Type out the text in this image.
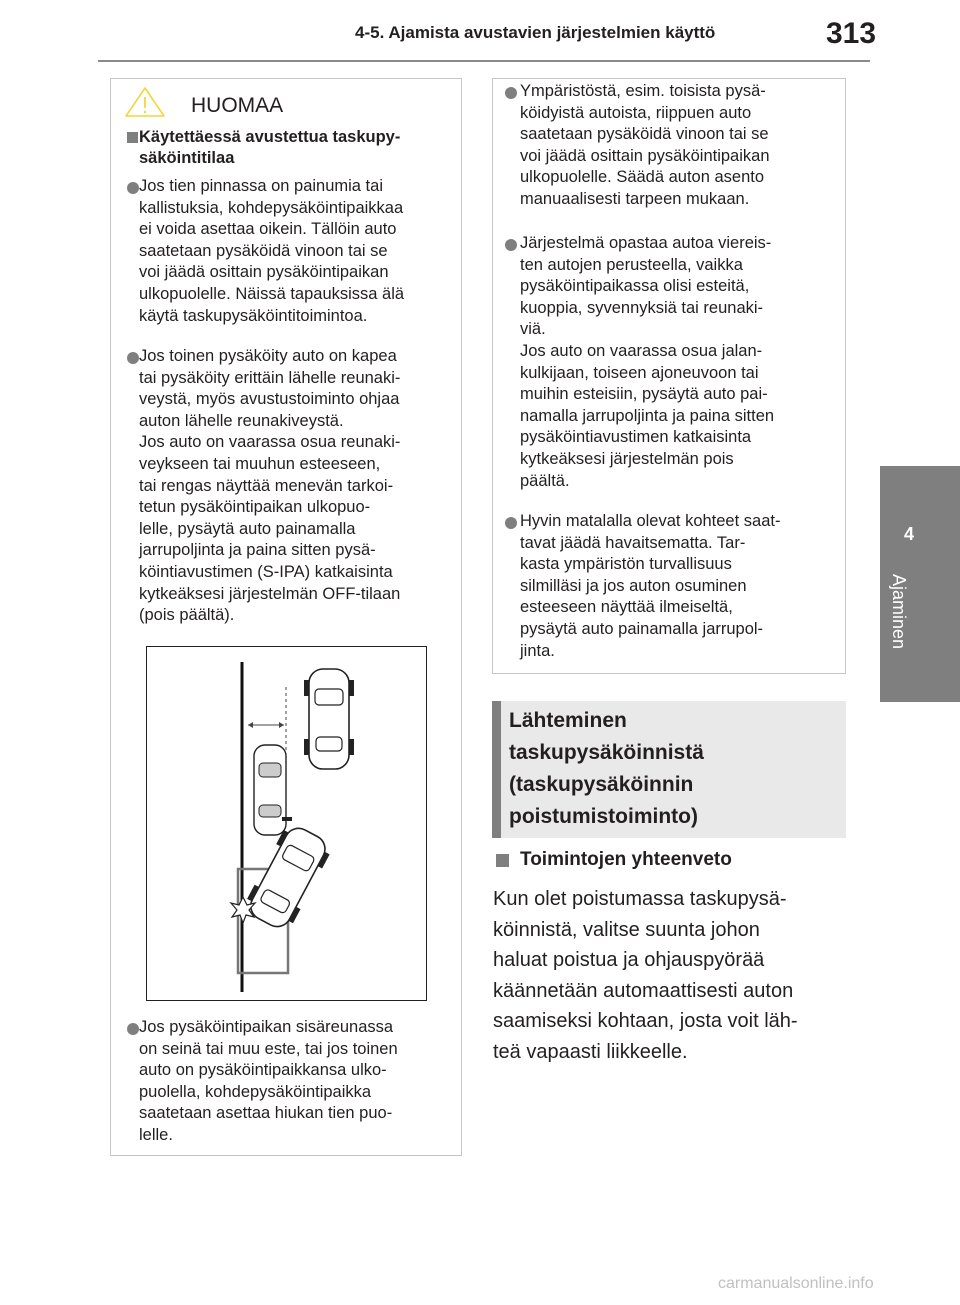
4-5. Ajamista avustavien järjestelmien käyttö	313
4
Ajaminen
HUOMAA
Käytettäessä avustettua taskupy-
säköintitilaa
Jos tien pinnassa on painumia tai
kallistuksia, kohdepysäköintipaikkaa
ei voida asettaa oikein. Tällöin auto
saatetaan pysäköidä vinoon tai se
voi jäädä osittain pysäköintipaikan
ulkopuolelle. Näissä tapauksissa älä
käytä taskupysäköintitoimintoa.
Jos toinen pysäköity auto on kapea
tai pysäköity erittäin lähelle reunaki-
veystä, myös avustustoiminto ohjaa
auton lähelle reunakiveystä.
Jos auto on vaarassa osua reunaki-
veykseen tai muuhun esteeseen,
tai rengas näyttää menevän tarkoi-
tetun pysäköintipaikan ulkopuo-
lelle, pysäytä auto painamalla
jarrupoljinta ja paina sitten pysä-
köintiavustimen (S-IPA) katkaisinta
kytkeäksesi järjestelmän OFF-tilaan
(pois päältä).
Jos pysäköintipaikan sisäreunassa
on seinä tai muu este, tai jos toinen
auto on pysäköintipaikkansa ulko-
puolella, kohdepysäköintipaikka
saatetaan asettaa hiukan tien puo-
lelle.
Ympäristöstä, esim. toisista pysä-
köidyistä autoista, riippuen auto
saatetaan pysäköidä vinoon tai se
voi jäädä osittain pysäköintipaikan
ulkopuolelle. Säädä auton asento
manuaalisesti tarpeen mukaan.
Järjestelmä opastaa autoa viereis-
ten autojen perusteella, vaikka
pysäköintipaikassa olisi esteitä,
kuoppia, syvennyksiä tai reunaki-
viä.
Jos auto on vaarassa osua jalan-
kulkijaan, toiseen ajoneuvoon tai
muihin esteisiin, pysäytä auto pai-
namalla jarrupoljinta ja paina sitten
pysäköintiavustimen katkaisinta
kytkeäksesi järjestelmän pois
päältä.
Hyvin matalalla olevat kohteet saat-
tavat jäädä havaitsematta. Tar-
kasta ympäristön turvallisuus
silmilläsi ja jos auton osuminen
esteeseen näyttää ilmeiseltä,
pysäytä auto painamalla jarrupol-
jinta.
Lähteminen
taskupysäköinnistä
(taskupysäköinnin
poistumistoiminto)
Toimintojen yhteenveto
Kun olet poistumassa taskupysä-
köinnistä, valitse suunta johon
haluat poistua ja ohjauspyörää
käännetään automaattisesti auton
saamiseksi kohtaan, josta voit läh-
teä vapaasti liikkeelle.
carmanualsonline.info
